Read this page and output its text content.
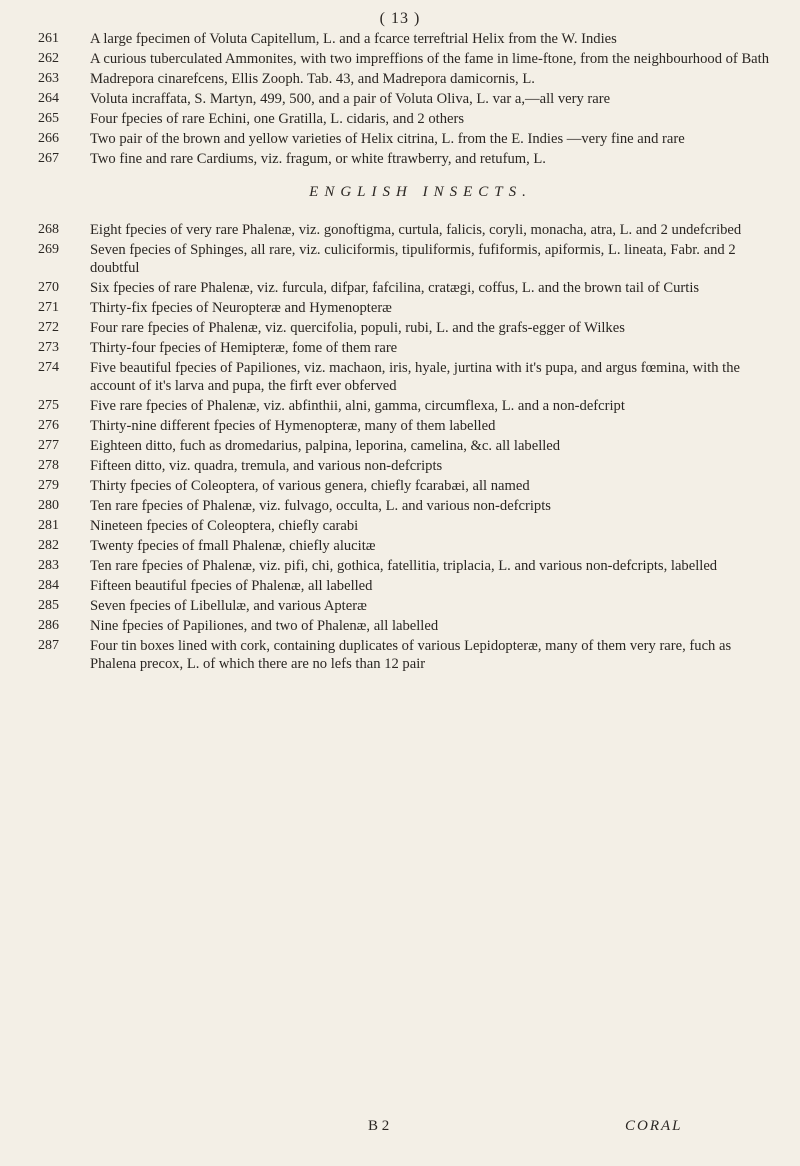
( 13 )
261	A large fpecimen of Voluta Capitellum, L. and a fcarce terreftrial Helix from the W. Indies
262	A curious tuberculated Ammonites, with two impreffions of the fame in lime-ftone, from the neighbourhood of Bath
263	Madrepora cinarefcens, Ellis Zooph. Tab. 43, and Madrepora damicornis, L.
264	Voluta incraffata, S. Martyn, 499, 500, and a pair of Voluta Oliva, L. var a,—all very rare
265	Four fpecies of rare Echini, one Gratilla, L. cidaris, and 2 others
266	Two pair of the brown and yellow varieties of Helix citrina, L. from the E. Indies —very fine and rare
267	Two fine and rare Cardiums, viz. fragum, or white ftrawberry, and retufum, L.
ENGLISH INSECTS.
268	Eight fpecies of very rare Phalenæ, viz. gonoftigma, curtula, falicis, coryli, monacha, atra, L. and 2 undefcribed
269	Seven fpecies of Sphinges, all rare, viz. culiciformis, tipuliformis, fufiformis, apiformis, L. lineata, Fabr. and 2 doubtful
270	Six fpecies of rare Phalenæ, viz. furcula, difpar, fafcilina, cratægi, coffus, L. and the brown tail of Curtis
271	Thirty-fix fpecies of Neuropteræ and Hymenopteræ
272	Four rare fpecies of Phalenæ, viz. quercifolia, populi, rubi, L. and the grafs-egger of Wilkes
273	Thirty-four fpecies of Hemipteræ, fome of them rare
274	Five beautiful fpecies of Papiliones, viz. machaon, iris, hyale, jurtina with it's pupa, and argus fœmina, with the account of it's larva and pupa, the firft ever obferved
275	Five rare fpecies of Phalenæ, viz. abfinthii, alni, gamma, circumflexa, L. and a non-defcript
276	Thirty-nine different fpecies of Hymenopteræ, many of them labelled
277	Eighteen ditto, fuch as dromedarius, palpina, leporina, camelina, &c. all labelled
278	Fifteen ditto, viz. quadra, tremula, and various non-defcripts
279	Thirty fpecies of Coleoptera, of various genera, chiefly fcarabæi, all named
280	Ten rare fpecies of Phalenæ, viz. fulvago, occulta, L. and various non-defcripts
281	Nineteen fpecies of Coleoptera, chiefly carabi
282	Twenty fpecies of fmall Phalenæ, chiefly alucitæ
283	Ten rare fpecies of Phalenæ, viz. pifi, chi, gothica, fatellitia, triplacia, L. and various non-defcripts, labelled
284	Fifteen beautiful fpecies of Phalenæ, all labelled
285	Seven fpecies of Libellulæ, and various Apteræ
286	Nine fpecies of Papiliones, and two of Phalenæ, all labelled
287	Four tin boxes lined with cork, containing duplicates of various Lepidopteræ, many of them very rare, fuch as Phalena precox, L. of which there are no lefs than 12 pair
B 2	CORAL
